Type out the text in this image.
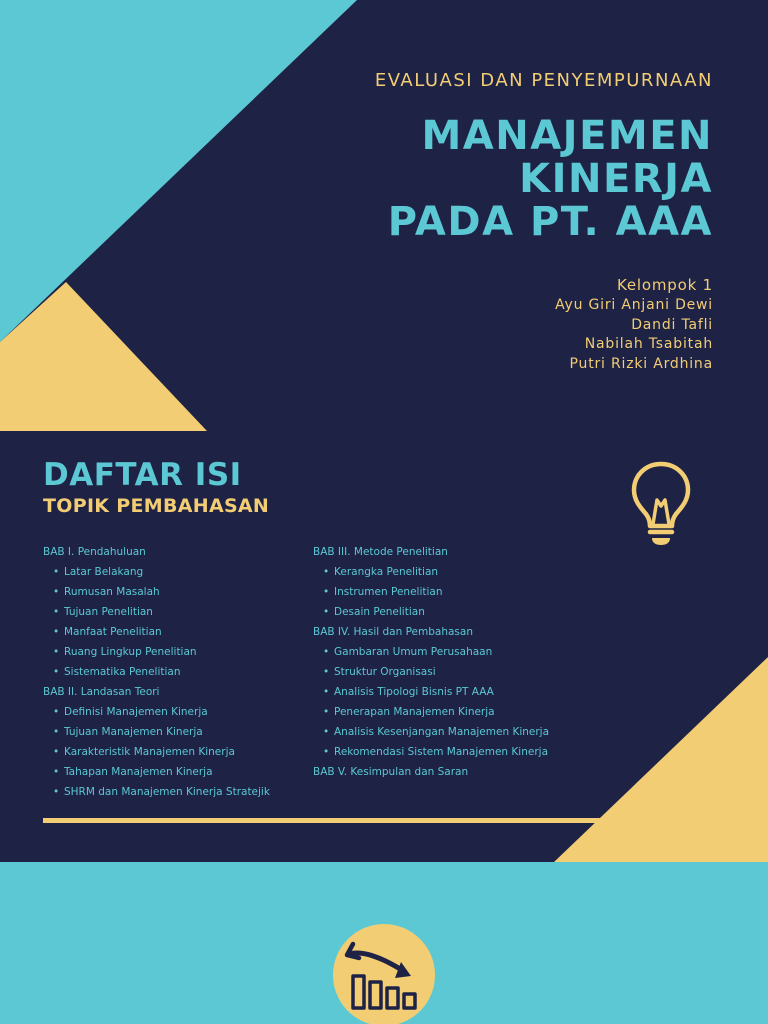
EVALUASI DAN PENYEMPURNAAN
MANAJEMEN
KINERJA
PADA PT. AAA
Kelompok 1
Ayu Giri Anjani Dewi
Dandi Tafli
Nabilah Tsabitah
Putri Rizki Ardhina
DAFTAR ISI
TOPIK PEMBAHASAN
BAB I. Pendahuluan
• Latar Belakang
• Rumusan Masalah
• Tujuan Penelitian
• Manfaat Penelitian
• Ruang Lingkup Penelitian
• Sistematika Penelitian
BAB II. Landasan Teori
• Definisi Manajemen Kinerja
• Tujuan Manajemen Kinerja
• Karakteristik Manajemen Kinerja
• Tahapan Manajemen Kinerja
• SHRM dan Manajemen Kinerja Stratejik
BAB III. Metode Penelitian
• Kerangka Penelitian
• Instrumen Penelitian
• Desain Penelitian
BAB IV. Hasil dan Pembahasan
• Gambaran Umum Perusahaan
• Struktur Organisasi
• Analisis Tipologi Bisnis PT AAA
• Penerapan Manajemen Kinerja
• Analisis Kesenjangan Manajemen Kinerja
• Rekomendasi Sistem Manajemen Kinerja
BAB V. Kesimpulan dan Saran
